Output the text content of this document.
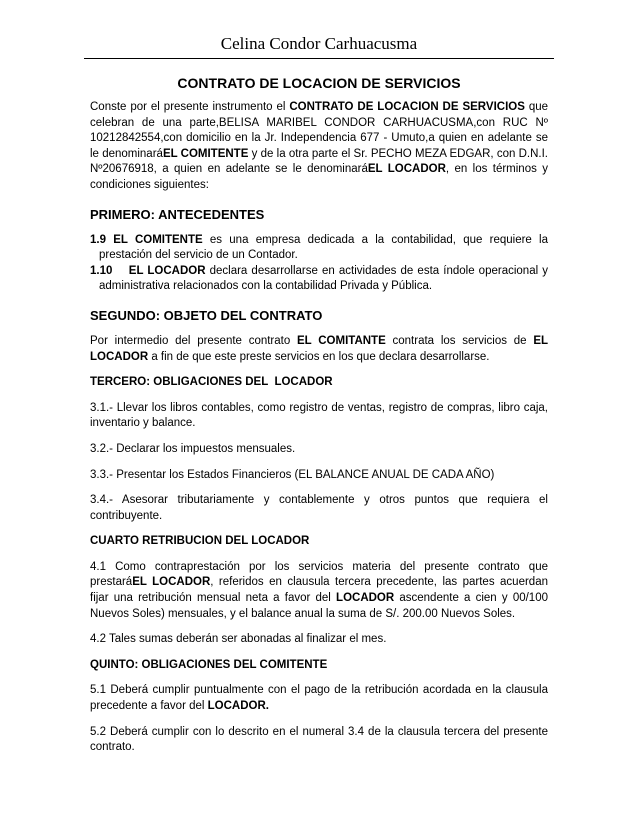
Celina Condor Carhuacusma
CONTRATO DE LOCACION DE SERVICIOS

Conste por el presente instrumento el CONTRATO DE LOCACION DE SERVICIOS que celebran de una parte,BELISA MARIBEL CONDOR CARHUACUSMA,con RUC Nº 10212842554,con domicilio en la Jr. Independencia 677 - Umuto,a quien en adelante se le denominaráEL COMITENTE y de la otra parte el Sr. PECHO MEZA EDGAR, con D.N.I. Nº20676918, a quien en adelante se le denominaráEL LOCADOR, en los términos y condiciones siguientes:

PRIMERO: ANTECEDENTES

1.9 EL COMITENTE es una empresa dedicada a la contabilidad, que requiere la prestación del servicio de un Contador.

1.10    EL LOCADOR declara desarrollarse en actividades de esta índole operacional y administrativa relacionados con la contabilidad Privada y Pública.

SEGUNDO: OBJETO DEL CONTRATO

Por intermedio del presente contrato EL COMITANTE contrata los servicios de EL LOCADOR a fin de que este preste servicios en los que declara desarrollarse.

TERCERO: OBLIGACIONES DEL  LOCADOR

3.1.- Llevar los libros contables, como registro de ventas, registro de compras, libro caja, inventario y balance.

3.2.- Declarar los impuestos mensuales.

3.3.- Presentar los Estados Financieros (EL BALANCE ANUAL DE CADA AÑO)

3.4.- Asesorar tributariamente y contablemente y otros puntos que requiera el contribuyente.

CUARTO RETRIBUCION DEL LOCADOR

4.1 Como contraprestación por los servicios materia del presente contrato que prestaráEL LOCADOR, referidos en clausula tercera precedente, las partes acuerdan fijar una retribución mensual neta a favor del LOCADOR ascendente a cien y 00/100 Nuevos Soles) mensuales, y el balance anual la suma de S/. 200.00 Nuevos Soles.

4.2 Tales sumas deberán ser abonadas al finalizar el mes.

QUINTO: OBLIGACIONES DEL COMITENTE

5.1 Deberá cumplir puntualmente con el pago de la retribución acordada en la clausula precedente a favor del LOCADOR.

5.2 Deberá cumplir con lo descrito en el numeral 3.4 de la clausula tercera del presente contrato.
